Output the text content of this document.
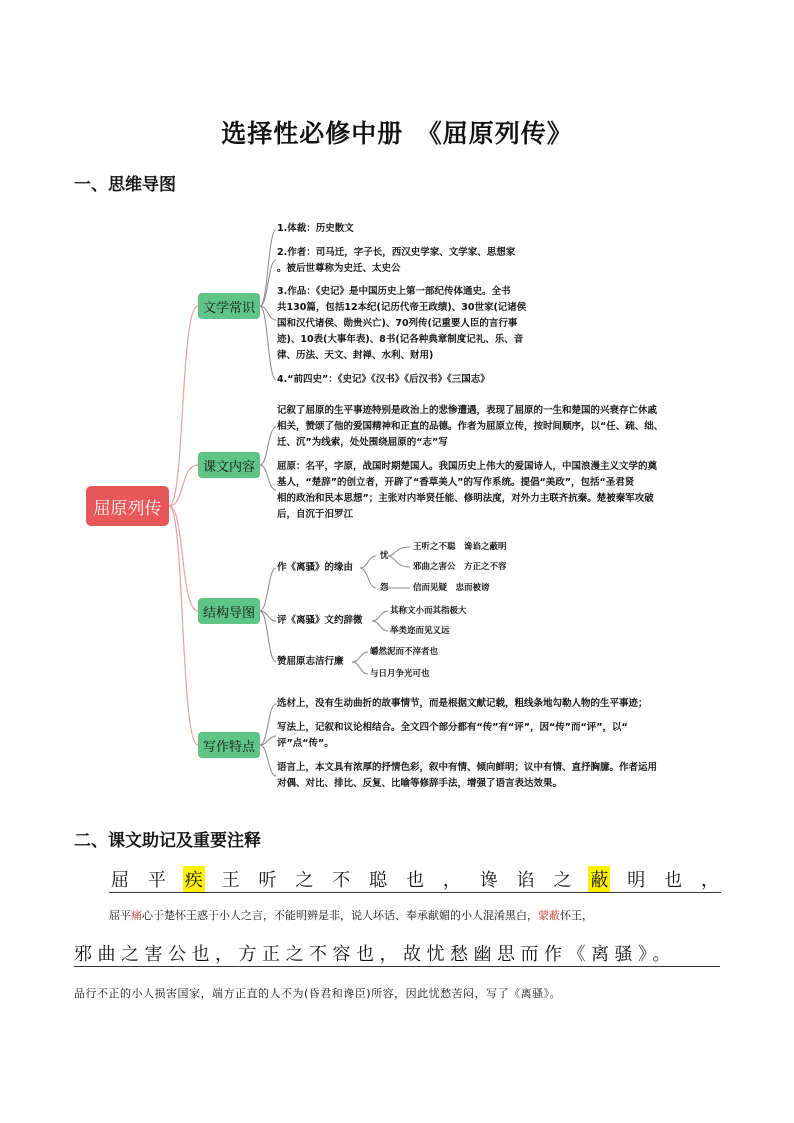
选择性必修中册　《屈原列传》
一、思维导图
屈原列传
文学常识
课文内容
结构导图
写作特点
1.体裁：历史散文
2.作者：司马迁，字子长，西汉史学家、文学家、思想家
。被后世尊称为史迁、太史公
3.作品：《史记》是中国历史上第一部纪传体通史。全书
共130篇，包括12本纪(记历代帝王政绩)、30世家(记诸侯
国和汉代诸侯、勋贵兴亡)、70列传(记重要人臣的言行事
迹)、10表(大事年表)、8书(记各种典章制度记礼、乐、音
律、历法、天文、封禅、水利、财用)
4.“前四史”：《史记》《汉书》《后汉书》《三国志》
记叙了屈原的生平事迹特别是政治上的悲惨遭遇，表现了屈原的一生和楚国的兴衰存亡休戚
相关，赞颂了他的爱国精神和正直的品德。作者为屈原立传，按时间顺序，以“任、疏、绌、
迁、沉”为线索，处处围绕屈原的“志”写
屈原：名平，字原，战国时期楚国人。我国历史上伟大的爱国诗人，中国浪漫主义文学的奠
基人，“楚辞”的创立者，开辟了“香草美人”的写作系统。提倡“美政”，包括“圣君贤
相的政治和民本思想”；主张对内举贤任能、修明法度，对外力主联齐抗秦。楚被秦军攻破
后，自沉于汨罗江
作《离骚》的缘由
忧
王听之不聪　谗谄之蔽明
邪曲之害公　方正之不容
怨	信而见疑　忠而被谤
评《离骚》文约辞微
其称文小而其指极大
举类迩而见义远
赞屈原志洁行廉
皭然泥而不滓者也
与日月争光可也
选材上，没有生动曲折的故事情节，而是根据文献记载，粗线条地勾勒人物的生平事迹；
写法上，记叙和议论相结合。全文四个部分都有“传”有“评”，因“传”而“评”，以“
评”点“传”。
语言上，本文具有浓厚的抒情色彩，叙中有情、倾向鲜明；议中有情、直抒胸臆。作者运用
对偶、对比、排比、反复、比喻等修辞手法，增强了语言表达效果。
二、课文助记及重要注释
屈 平 疾 王 听 之 不 聪 也 ， 谗 谄 之 蔽 明 也 ，
屈平痛心于楚怀王惑于小人之言，不能明辨是非，说人坏话、奉承献媚的小人混淆黑白，蒙蔽怀王，
邪曲之害公也，方正之不容也，故忧愁幽思而作《离骚》。
品行不正的小人损害国家，端方正直的人不为(昏君和谗臣)所容，因此忧愁苦闷，写了《离骚》。
